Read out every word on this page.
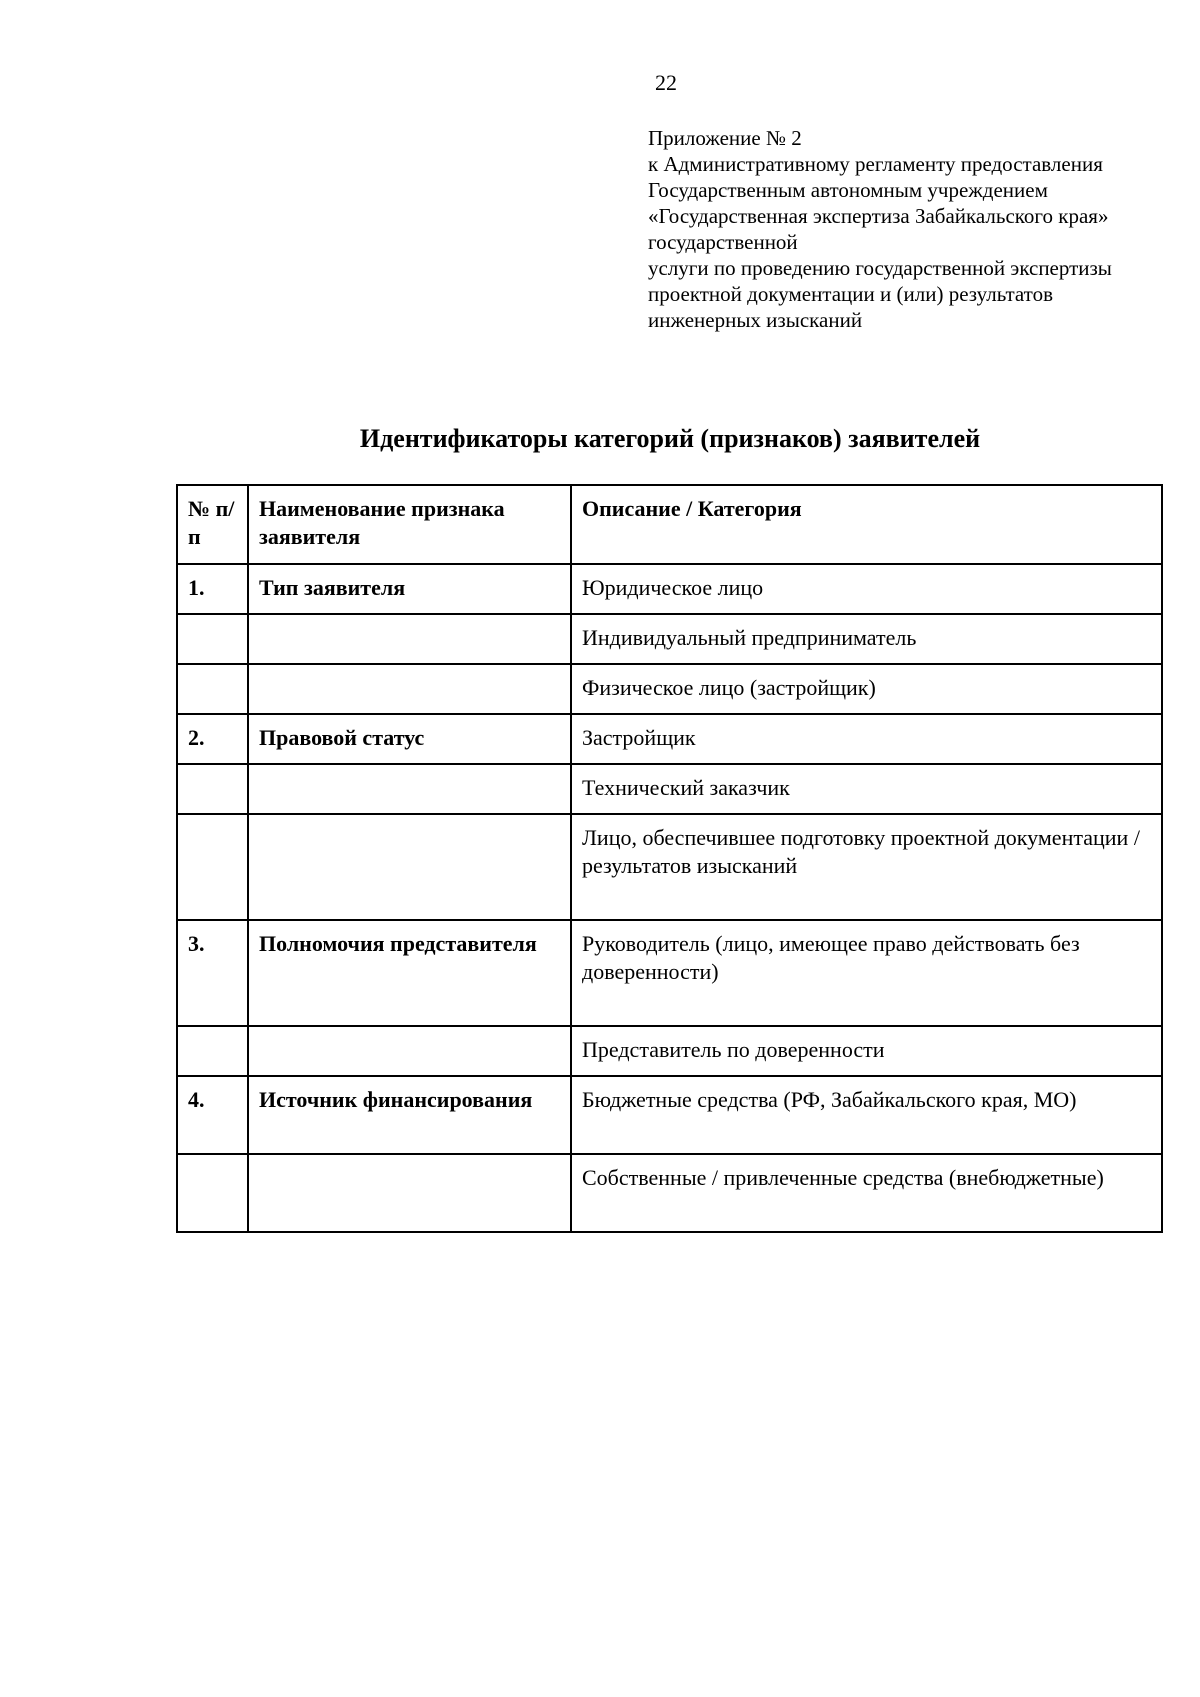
22
Приложение № 2
к Административному регламенту предоставления
Государственным автономным учреждением
«Государственная экспертиза Забайкальского края»
государственной
услуги по проведению государственной экспертизы
проектной документации и (или) результатов
инженерных изысканий
Идентификаторы категорий (признаков) заявителей
№ п/п	Наименование признака заявителя	Описание / Категория
1.	Тип заявителя	Юридическое лицо
		Индивидуальный предприниматель
		Физическое лицо (застройщик)
2.	Правовой статус	Застройщик
		Технический заказчик
		Лицо, обеспечившее подготовку проектной документации / результатов изысканий
3.	Полномочия представителя	Руководитель (лицо, имеющее право действовать без доверенности)
		Представитель по доверенности
4.	Источник финансирования	Бюджетные средства (РФ, Забайкальского края, МО)
		Собственные / привлеченные средства (внебюджетные)
